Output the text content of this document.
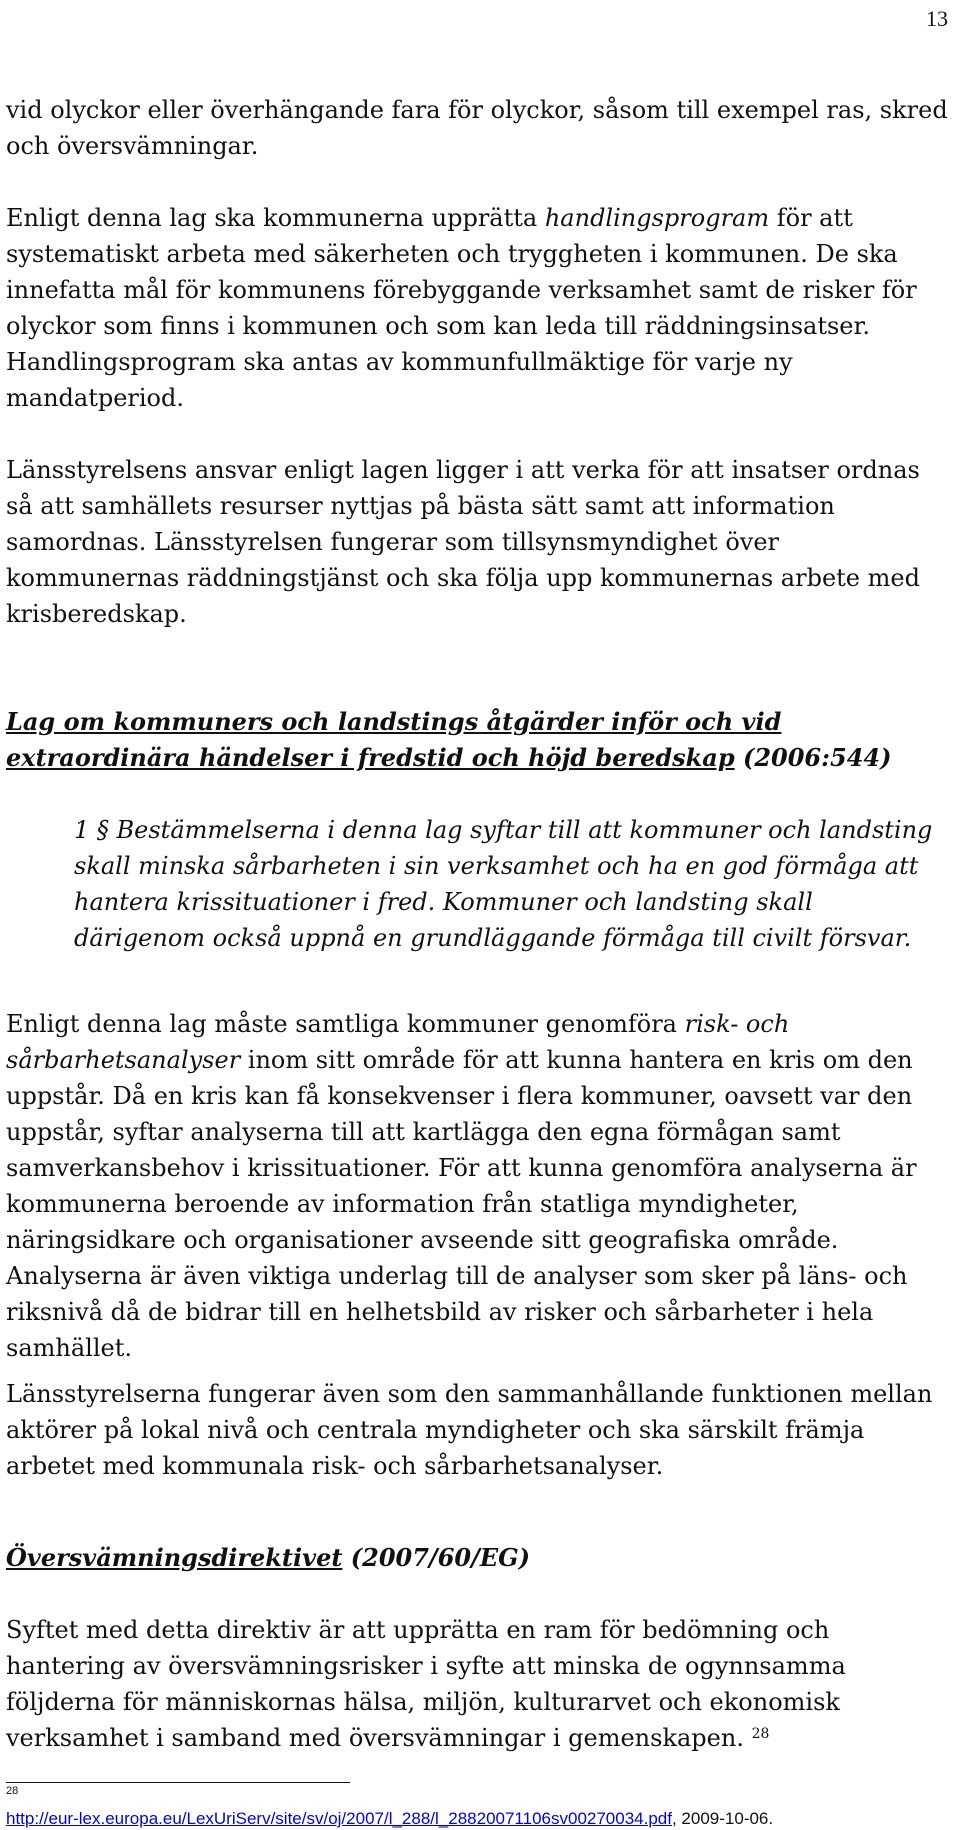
13

vid olyckor eller överhängande fara för olyckor, såsom till exempel ras, skred och översvämningar.

Enligt denna lag ska kommunerna upprätta handlingsprogram för att systematiskt arbeta med säkerheten och tryggheten i kommunen. De ska innefatta mål för kommunens förebyggande verksamhet samt de risker för olyckor som finns i kommunen och som kan leda till räddningsinsatser. Handlingsprogram ska antas av kommunfullmäktige för varje ny mandatperiod.

Länsstyrelsens ansvar enligt lagen ligger i att verka för att insatser ordnas så att samhällets resurser nyttjas på bästa sätt samt att information samordnas. Länsstyrelsen fungerar som tillsynsmyndighet över kommunernas räddningstjänst och ska följa upp kommunernas arbete med krisberedskap.

Lag om kommuners och landstings åtgärder inför och vid extraordinära händelser i fredstid och höjd beredskap (2006:544)

1 § Bestämmelserna i denna lag syftar till att kommuner och landsting skall minska sårbarheten i sin verksamhet och ha en god förmåga att hantera krissituationer i fred. Kommuner och landsting skall därigenom också uppnå en grundläggande förmåga till civilt försvar.

Enligt denna lag måste samtliga kommuner genomföra risk- och sårbarhetsanalyser inom sitt område för att kunna hantera en kris om den uppstår. Då en kris kan få konsekvenser i flera kommuner, oavsett var den uppstår, syftar analyserna till att kartlägga den egna förmågan samt samverkansbehov i krissituationer. För att kunna genomföra analyserna är kommunerna beroende av information från statliga myndigheter, näringsidkare och organisationer avseende sitt geografiska område. Analyserna är även viktiga underlag till de analyser som sker på läns- och riksnivå då de bidrar till en helhetsbild av risker och sårbarheter i hela samhället.

Länsstyrelserna fungerar även som den sammanhållande funktionen mellan aktörer på lokal nivå och centrala myndigheter och ska särskilt främja arbetet med kommunala risk- och sårbarhetsanalyser.

Översvämningsdirektivet (2007/60/EG)

Syftet med detta direktiv är att upprätta en ram för bedömning och hantering av översvämningsrisker i syfte att minska de ogynnsamma följderna för människornas hälsa, miljön, kulturarvet och ekonomisk verksamhet i samband med översvämningar i gemenskapen. $^{28}$

28
http://eur-lex.europa.eu/LexUriServ/site/sv/oj/2007/l_288/l_28820071106sv00270034.pdf, 2009-10-06.
